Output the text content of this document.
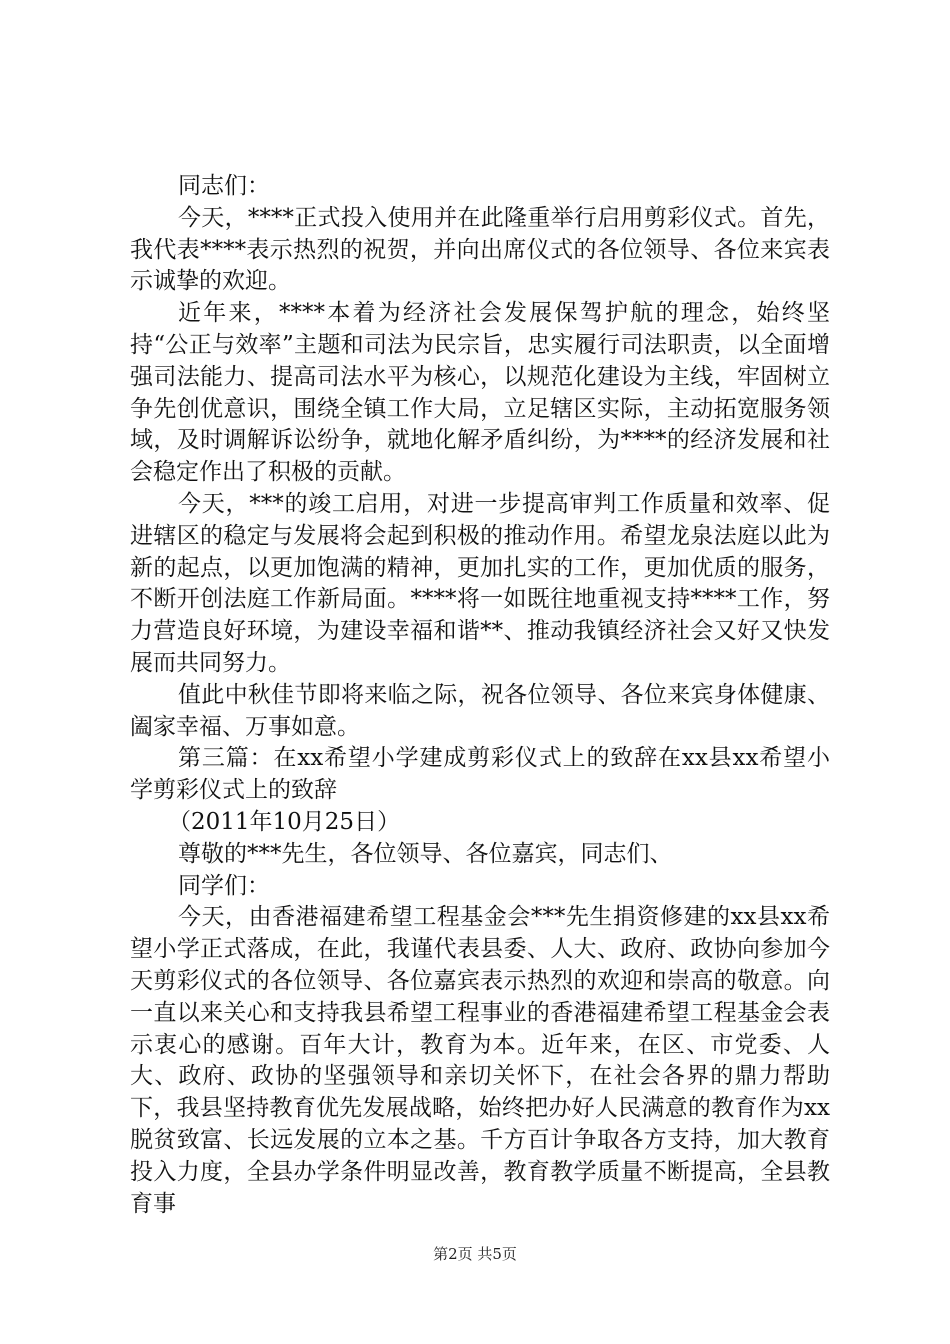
同志们：

今天，****正式投入使用并在此隆重举行启用剪彩仪式。首先，我代表****表示热烈的祝贺，并向出席仪式的各位领导、各位来宾表示诚挚的欢迎。

近年来，****本着为经济社会发展保驾护航的理念，始终坚持“公正与效率”主题和司法为民宗旨，忠实履行司法职责，以全面增强司法能力、提高司法水平为核心，以规范化建设为主线，牢固树立争先创优意识，围绕全镇工作大局，立足辖区实际，主动拓宽服务领域，及时调解诉讼纷争，就地化解矛盾纠纷，为****的经济发展和社会稳定作出了积极的贡献。

今天，***的竣工启用，对进一步提高审判工作质量和效率、促进辖区的稳定与发展将会起到积极的推动作用。希望龙泉法庭以此为新的起点，以更加饱满的精神，更加扎实的工作，更加优质的服务，不断开创法庭工作新局面。****将一如既往地重视支持****工作，努力营造良好环境，为建设幸福和谐**、推动我镇经济社会又好又快发展而共同努力。

值此中秋佳节即将来临之际，祝各位领导、各位来宾身体健康、阖家幸福、万事如意。

第三篇：在xx希望小学建成剪彩仪式上的致辞在xx县xx希望小学剪彩仪式上的致辞

（2011年10月25日）

尊敬的***先生，各位领导、各位嘉宾，同志们、

同学们：

今天，由香港福建希望工程基金会***先生捐资修建的xx县xx希望小学正式落成，在此，我谨代表县委、人大、政府、政协向参加今天剪彩仪式的各位领导、各位嘉宾表示热烈的欢迎和崇高的敬意。向一直以来关心和支持我县希望工程事业的香港福建希望工程基金会表示衷心的感谢。百年大计，教育为本。近年来，在区、市党委、人大、政府、政协的坚强领导和亲切关怀下，在社会各界的鼎力帮助下，我县坚持教育优先发展战略，始终把办好人民满意的教育作为xx脱贫致富、长远发展的立本之基。千方百计争取各方支持，加大教育投入力度，全县办学条件明显改善，教育教学质量不断提高，全县教育事

第2页 共5页
